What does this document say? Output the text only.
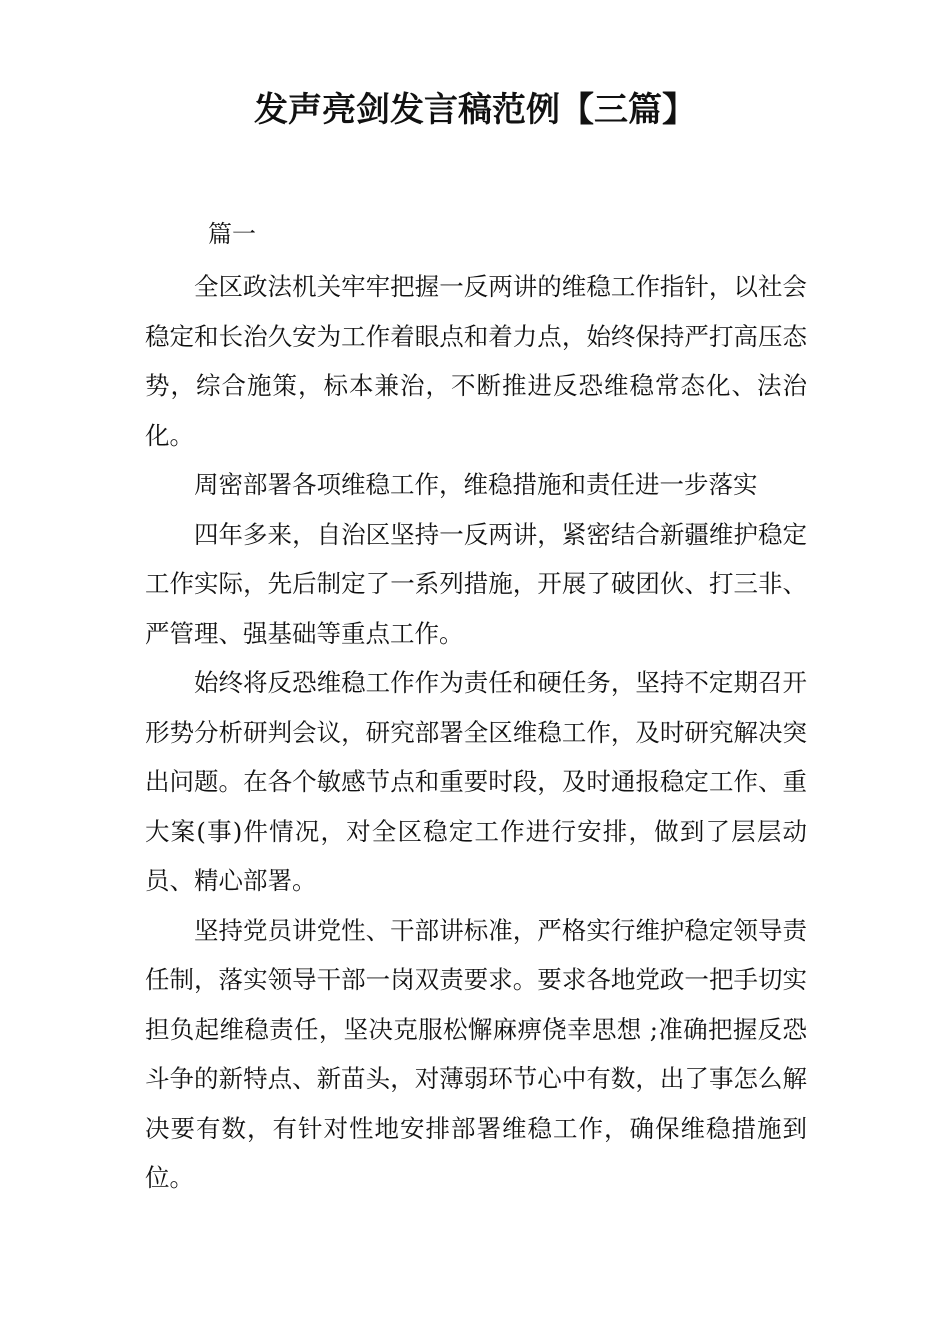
发声亮剑发言稿范例【三篇】

篇一

全区政法机关牢牢把握一反两讲的维稳工作指针，以社会稳定和长治久安为工作着眼点和着力点，始终保持严打高压态势，综合施策，标本兼治，不断推进反恐维稳常态化、法治化。

周密部署各项维稳工作，维稳措施和责任进一步落实

四年多来，自治区坚持一反两讲，紧密结合新疆维护稳定工作实际，先后制定了一系列措施，开展了破团伙、打三非、严管理、强基础等重点工作。

始终将反恐维稳工作作为责任和硬任务，坚持不定期召开形势分析研判会议，研究部署全区维稳工作，及时研究解决突出问题。在各个敏感节点和重要时段，及时通报稳定工作、重大案(事)件情况，对全区稳定工作进行安排，做到了层层动员、精心部署。

坚持党员讲党性、干部讲标准，严格实行维护稳定领导责任制，落实领导干部一岗双责要求。要求各地党政一把手切实担负起维稳责任，坚决克服松懈麻痹侥幸思想 ;准确把握反恐斗争的新特点、新苗头，对薄弱环节心中有数，出了事怎么解决要有数，有针对性地安排部署维稳工作，确保维稳措施到位。
